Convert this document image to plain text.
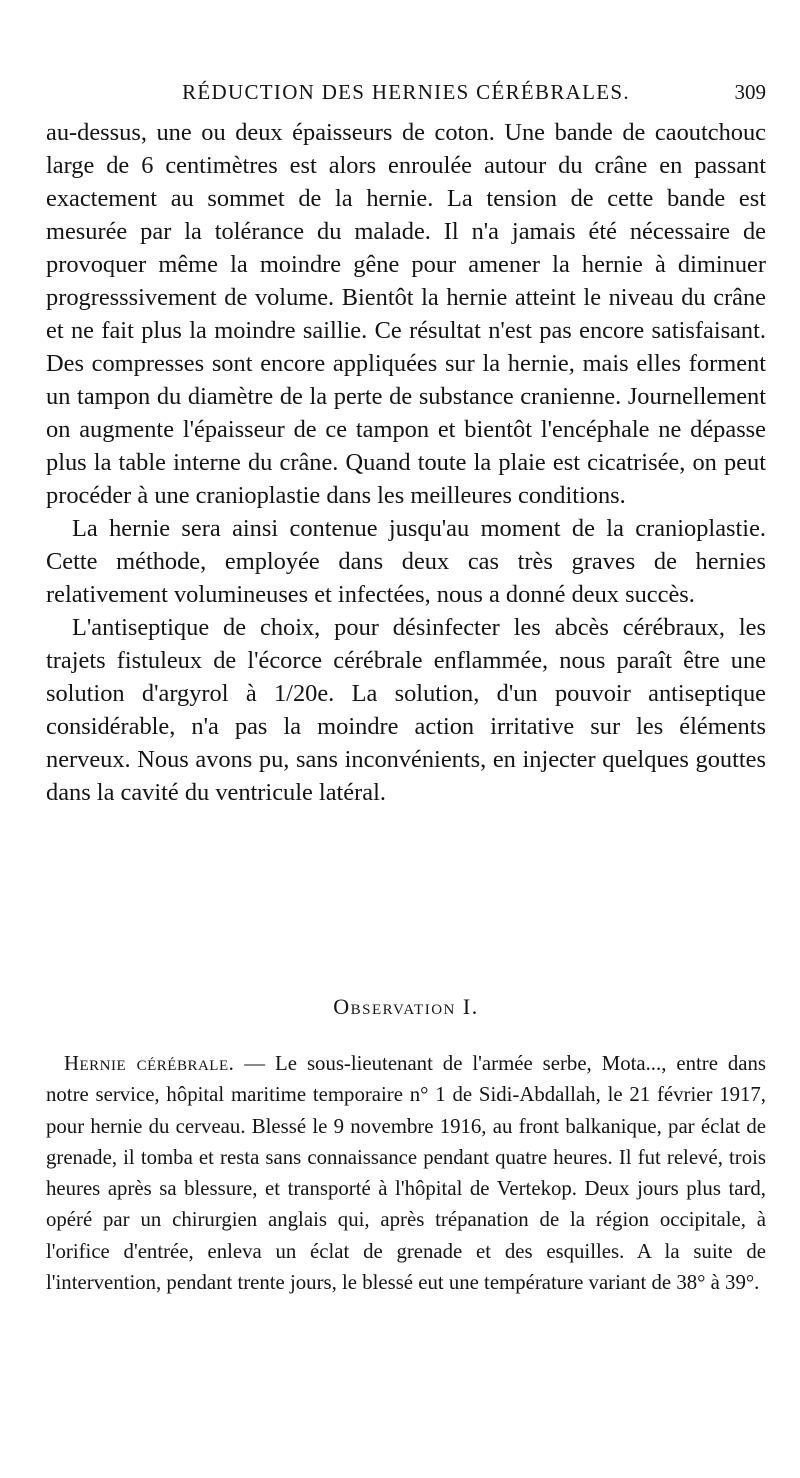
RÉDUCTION DES HERNIES CÉRÉBRALES.	309

au-dessus, une ou deux épaisseurs de coton. Une bande de caoutchouc large de 6 centimètres est alors enroulée autour du crâne en passant exactement au sommet de la hernie. La tension de cette bande est mesurée par la tolérance du malade. Il n'a jamais été nécessaire de provoquer même la moindre gêne pour amener la hernie à diminuer progresssivement de volume. Bientôt la hernie atteint le niveau du crâne et ne fait plus la moindre saillie. Ce résultat n'est pas encore satisfaisant. Des compresses sont encore appliquées sur la hernie, mais elles forment un tampon du diamètre de la perte de substance cranienne. Journellement on augmente l'épaisseur de ce tampon et bientôt l'encéphale ne dépasse plus la table interne du crâne. Quand toute la plaie est cicatrisée, on peut procéder à une cranioplastie dans les meilleures conditions.

La hernie sera ainsi contenue jusqu'au moment de la cranioplastie. Cette méthode, employée dans deux cas très graves de hernies relativement volumineuses et infectées, nous a donné deux succès.

L'antiseptique de choix, pour désinfecter les abcès cérébraux, les trajets fistuleux de l'écorce cérébrale enflammée, nous paraît être une solution d'argyrol à 1/20e. La solution, d'un pouvoir antiseptique considérable, n'a pas la moindre action irritative sur les éléments nerveux. Nous avons pu, sans inconvénients, en injecter quelques gouttes dans la cavité du ventricule latéral.

Observation I.

Hernie cérébrale. — Le sous-lieutenant de l'armée serbe, Mota..., entre dans notre service, hôpital maritime temporaire n° 1 de Sidi-Abdallah, le 21 février 1917, pour hernie du cerveau. Blessé le 9 novembre 1916, au front balkanique, par éclat de grenade, il tomba et resta sans connaissance pendant quatre heures. Il fut relevé, trois heures après sa blessure, et transporté à l'hôpital de Vertekop. Deux jours plus tard, opéré par un chirurgien anglais qui, après trépanation de la région occipitale, à l'orifice d'entrée, enleva un éclat de grenade et des esquilles. A la suite de l'intervention, pendant trente jours, le blessé eut une température variant de 38° à 39°.
